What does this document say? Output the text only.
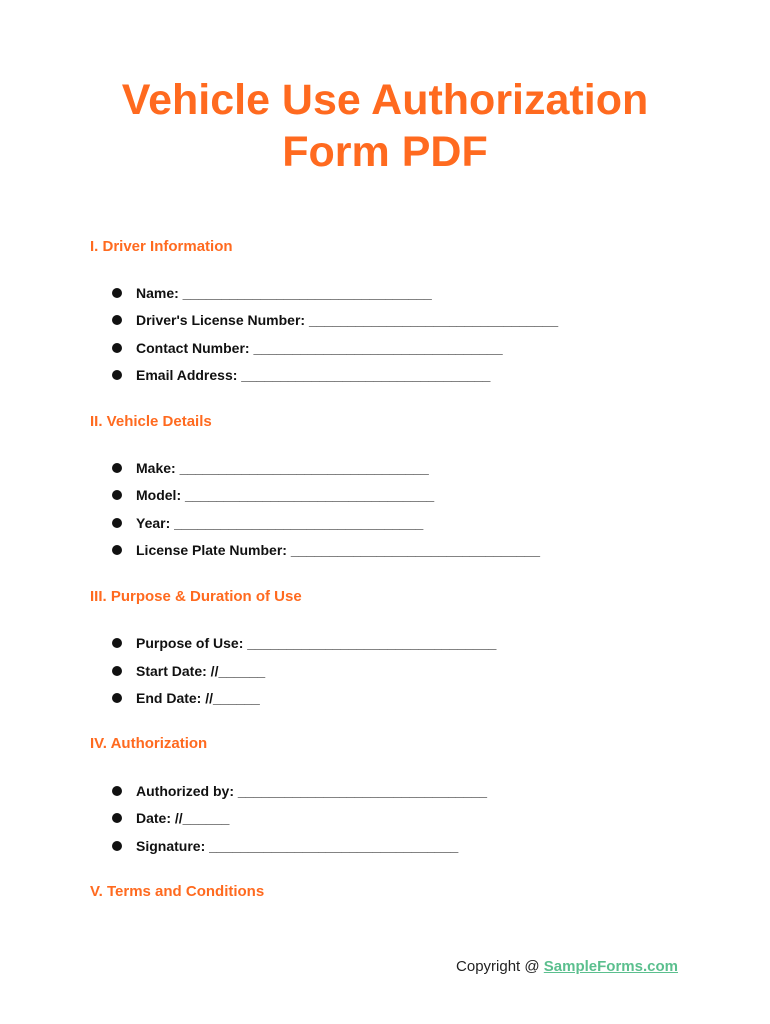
Vehicle Use Authorization
Form PDF
I. Driver Information
Name: ________________________________
Driver's License Number: ________________________________
Contact Number: ________________________________
Email Address: ________________________________
II. Vehicle Details
Make: ________________________________
Model: ________________________________
Year: ________________________________
License Plate Number: ________________________________
III. Purpose & Duration of Use
Purpose of Use: ________________________________
Start Date: //______
End Date: //______
IV. Authorization
Authorized by: ________________________________
Date: //______
Signature: ________________________________
V. Terms and Conditions
Copyright @ SampleForms.com
